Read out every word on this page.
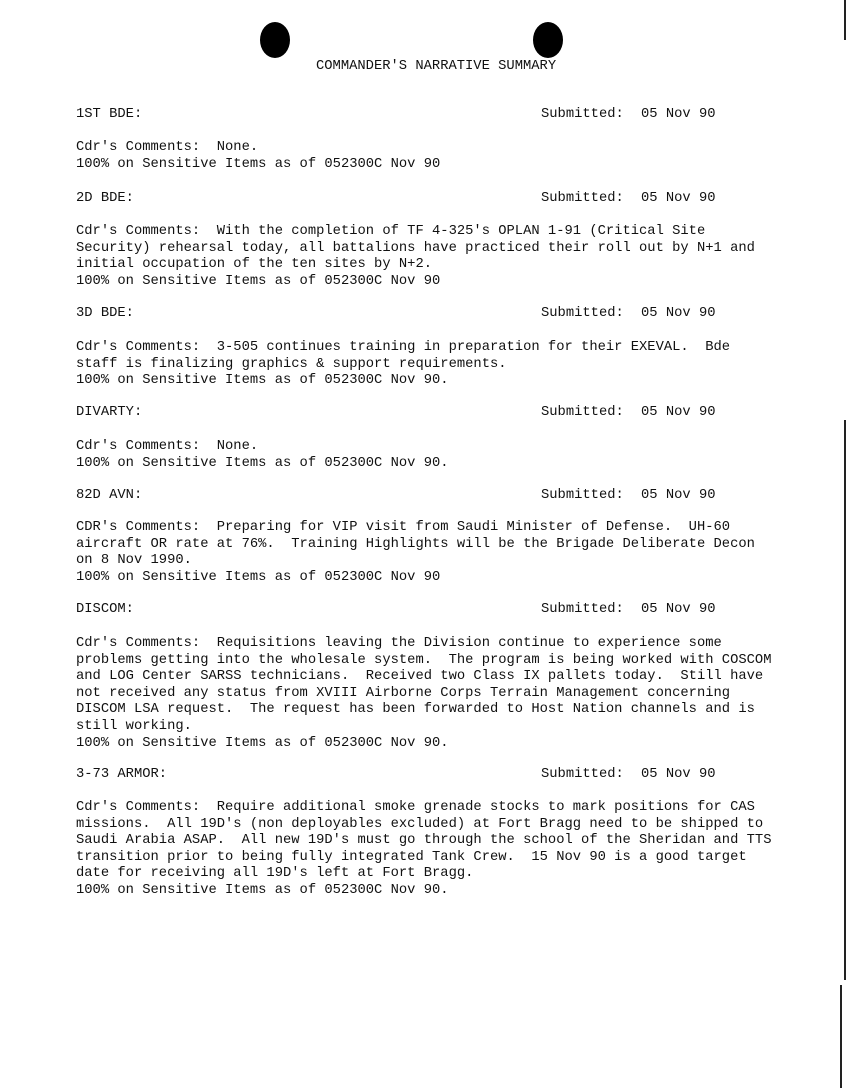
COMMANDER'S NARRATIVE SUMMARY
1ST BDE:	Submitted: 05 Nov 90
Cdr's Comments:  None.
100% on Sensitive Items as of 052300C Nov 90
2D BDE:	Submitted: 05 Nov 90
Cdr's Comments:  With the completion of TF 4-325's OPLAN 1-91 (Critical Site
Security) rehearsal today, all battalions have practiced their roll out by N+1 and
initial occupation of the ten sites by N+2.
100% on Sensitive Items as of 052300C Nov 90
3D BDE:	Submitted: 05 Nov 90
Cdr's Comments:  3-505 continues training in preparation for their EXEVAL.  Bde
staff is finalizing graphics & support requirements.
100% on Sensitive Items as of 052300C Nov 90.
DIVARTY:	Submitted: 05 Nov 90
Cdr's Comments:  None.
100% on Sensitive Items as of 052300C Nov 90.
82D AVN:	Submitted: 05 Nov 90
CDR's Comments:  Preparing for VIP visit from Saudi Minister of Defense.  UH-60
aircraft OR rate at 76%.  Training Highlights will be the Brigade Deliberate Decon
on 8 Nov 1990.
100% on Sensitive Items as of 052300C Nov 90
DISCOM:	Submitted: 05 Nov 90
Cdr's Comments:  Requisitions leaving the Division continue to experience some
problems getting into the wholesale system.  The program is being worked with COSCOM
and LOG Center SARSS technicians.  Received two Class IX pallets today.  Still have
not received any status from XVIII Airborne Corps Terrain Management concerning
DISCOM LSA request.  The request has been forwarded to Host Nation channels and is
still working.
100% on Sensitive Items as of 052300C Nov 90.
3-73 ARMOR:	Submitted: 05 Nov 90
Cdr's Comments:  Require additional smoke grenade stocks to mark positions for CAS
missions.  All 19D's (non deployables excluded) at Fort Bragg need to be shipped to
Saudi Arabia ASAP.  All new 19D's must go through the school of the Sheridan and TTS
transition prior to being fully integrated Tank Crew.  15 Nov 90 is a good target
date for receiving all 19D's left at Fort Bragg.
100% on Sensitive Items as of 052300C Nov 90.
